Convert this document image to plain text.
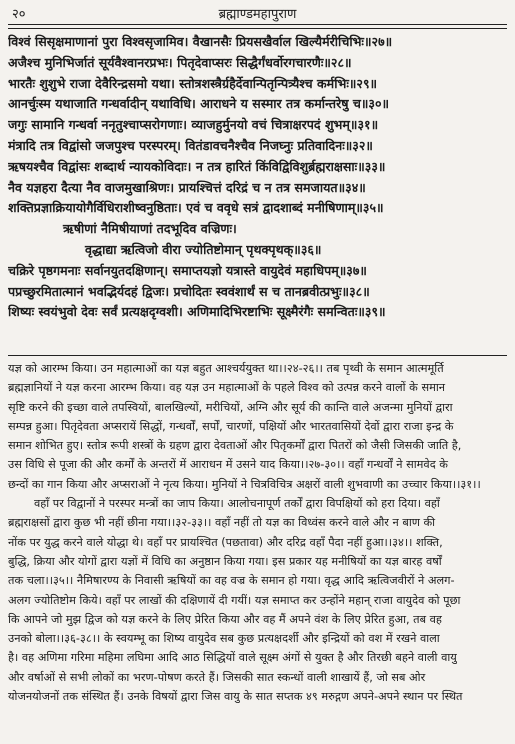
२०	ब्रह्माण्डमहापुराण
विश्वं सिसृक्षमाणानां पुरा विश्वसृजामिव। वैखानसैः प्रियसखैर्वाल खिल्यैर्मरीचिभिः॥२७॥
अजैश्च मुनिभिर्जातं सूर्यवैश्वानरप्रभः। पितृदेवाप्सरः सिद्धैर्गंधर्वोरगचारणैः॥२८॥
भारतैः शुशुभे राजा देवैरिन्द्रसमो यथा। स्तोत्रशस्त्रैर्ग्रहैर्देवान्पितृन्पित्र्यैश्च कर्मभिः॥२९॥
आनर्चुःस्म यथाजाति गन्धर्वादीन् यथाविधि। आराधने य सस्मार तत्र कर्मान्तरेषु च॥३०॥
जगुः सामानि गन्धर्वा ननृतुश्चाप्सरोगणाः। व्याजहुर्मुनयो वचं चित्राक्षरपदं शुभम्॥३१॥
मंत्रादि तत्र विद्वांसो जजपुश्च परस्परम्। वितंडावचनैश्चैव निजघ्नुः प्रतिवादिनः॥३२॥
ऋषयश्चैव विद्वांसः शब्दार्थ न्यायकोविदाः। न तत्र हारितं किंविद्विविशुर्ब्रह्मराक्षसाः॥३३॥
नैव यज्ञहरा दैत्या नैव वाजमुखाश्रिणः। प्रायश्चित्तं दरिद्रं च न तत्र समजायत॥३४॥
शक्तिप्रज्ञाक्रियायोगैर्विधिराशीष्वनुष्ठिताः। एवं च ववृधे सत्रं द्वादशाब्दं मनीषिणाम्॥३५॥
ऋषीणां नैमिषीयाणां तदभूदिव वज्रिणः।
वृद्धाद्या ऋत्विजो वीरा ज्योतिष्टोमान् पृथक्पृथक्॥३६॥
चक्रिरे पृष्ठगमनाः सर्वानयुतदक्षिणान्। समाप्तयज्ञो यत्रास्ते वायुदेवं महाधिपम्॥३७॥
पप्रच्छुरमितात्मानं भवद्भिर्यदहं द्विजः। प्रचोदितः स्ववंशार्थं स च तानब्रवीत्प्रभुः॥३८॥
शिष्यः स्वयंभुवो देवः सर्वं प्रत्यक्षदृग्वशी। अणिमादिभिरष्टाभिः सूक्ष्मैरंगैः समन्वितः॥३९॥
यज्ञ को आरम्भ किया। उन महात्माओं का यज्ञ बहुत आश्चर्ययुक्त था।।२४-२६।। तब पृथ्वी के समान आत्ममूर्ति
ब्रह्मज्ञानियों ने यज्ञ करना आरम्भ किया। वह यज्ञ उन महात्माओं के पहले विश्व को उत्पन्न करने वालों के समान
सृष्टि करने की इच्छा वाले तपस्वियों, बालखिल्यों, मरीचियों, अग्नि और सूर्य की कान्ति वाले अजन्मा मुनियों द्वारा
सम्पन्न हुआ। पितृदेवता अप्सरायें सिद्धों, गन्धर्वों, सर्पों, चारणों, पक्षियों और भारतवासियों देवों द्वारा राजा इन्द्र के
समान शोभित हुए। स्तोत्र रूपी शस्त्रों के ग्रहण द्वारा देवताओं और पितृकर्मों द्वारा पितरों को जैसी जिसकी जाति है,
उस विधि से पूजा की और कर्मों के अन्तरों में आराधन में उसने याद किया।।२७-३०।। वहाँ गन्धर्वों ने सामवेद के
छन्दों का गान किया और अप्सराओं ने नृत्य किया। मुनियों ने चित्रविचित्र अक्षरों वाली शुभवाणी का उच्चार किया।।३१।।
वहाँ पर विद्वानों ने परस्पर मन्त्रों का जाप किया। आलोचनापूर्ण तर्कों द्वारा विपक्षियों को हरा दिया। वहाँ
ब्रह्मराक्षसों द्वारा कुछ भी नहीं छीना गया।।३२-३३।। वहाँ नहीं तो यज्ञ का विध्वंस करने वाले और न बाण की
नोंक पर युद्ध करने वाले योद्धा थे। वहाँ पर प्रायश्चित (पछतावा) और दरिद्र वहाँ पैदा नहीं हुआ।।३४।। शक्ति,
बुद्धि, क्रिया और योगों द्वारा यज्ञों में विधि का अनुष्ठान किया गया। इस प्रकार यह मनीषियों का यज्ञ बारह वर्षों
तक चला।।३५।। नैमिषारण्य के निवासी ऋषियों का वह वज्र के समान हो गया। वृद्ध आदि ऋत्विजवीरों ने अलग-
अलग ज्योतिष्टोम किये। वहाँ पर लाखों की दक्षिणायें दी गयीं। यज्ञ समाप्त कर उन्होंने महान् राजा वायुदेव को पूछा
कि आपने जो मुझ द्विज को यज्ञ करने के लिए प्रेरित किया और वह मैं अपने वंश के लिए प्रेरित हुआ, तब वह
उनको बोला।।३६-३८।। के स्वयम्भू का शिष्य वायुदेव सब कुछ प्रत्यक्षदर्शी और इन्द्रियों को वश में रखने वाला
है। वह अणिमा गरिमा महिमा लघिमा आदि आठ सिद्धियों वाले सूक्ष्म अंगों से युक्त है और तिरछी बहने वाली वायु
और वर्षाओं से सभी लोकों का भरण-पोषण करते हैं। जिसकी सात स्कन्धों वाली शाखायें हैं, जो सब ओर
योजनयोजनों तक संस्थित हैं। उनके विषयों द्वारा जिस वायु के सात सप्तक ४९ मरुद्गण अपने-अपने स्थान पर स्थित
